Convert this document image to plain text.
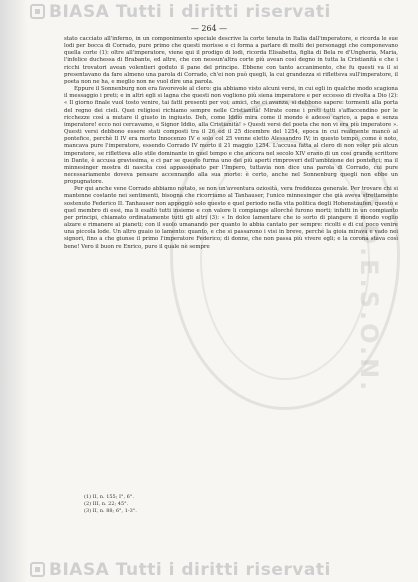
BIASA Tutti i diritti riservati
A.D.E.S.O.N.
— 264 —

stato cacciato all'inferno, in un componimento speciale descrive la corte tenuta in Italia dall'imperatore, e ricorda le sue lodi per bocca di Corrado, pure primo che questi morisse e ci forma a parlare di molti dei personaggi che componevano quella corte (1): oltre all'imperatore, viene qui il prodigo di lodi, ricorda Elisabetta, figlia di Bela re d'Ungheria, Maria, l'infelice duchessa di Brabante, ed altre, che con nessun'altra corte più avean cosí degno in tutta la Cristianità e che i ricchi trovatori avean volentieri goduto il pane del principe. Ebbene con tanto accanimento, che fu questi va il si presentavano da fare almeno una parola di Corrado, ch'ei non può quegli, la cui grandezza si rifletteva sull'imperatore, il poeta non ne ha, e meglio non ne vuol dire una parola.

Eppure il Sonnenburg non era favorevole al clero: gia abbiamo visto alcuni versi, in cui egli in qualche modo scagiona il messaggio i preti; e in altri egli si lagna che questi non vogliono più siena imperatore e per eccesso di rivolta a Dio (2): « Il giorno finale vuol tosto venire, tai fatti presenti per voi; amici, che ci avanza, si debbono sapere: tormenti alla porta del regno dei cieli. Quei religiosi richiamo sempre nelle Cristianità! Mirate come i preti tutti s'affaccendino per le ricchezze così a mutare il giusto in ingiusto. Deh, come Iddio mira come il mondo è adesso carico, a papa e senza imperatore! ecco noi cercavamo, e Signor Iddio, alla Cristianità! » Questi versi del poeta che non vi era più imperatore ». Questi versi debbono essere stati composti tra il 26 ed il 25 dicembre del 1254, epoca in cui realmente mancò al pontefice, perchè Il IV era morto Innocenzo IV e solo col 25 venne eletto Alessandro IV; in questo tempo, come è noto, mancava pure l'imperatore, essendo Corrado IV morto il 21 maggio 1254. L'accusa fatta al clero di non voler più alcun imperatore, se rifletteva allo stile dominante in quel tempo e che ancora nel secolo XIV erano di un cosí grande scrittore in Dante, è accusa gravissima, e ci par se questo furma uno dei più aperti rimproveri dell'ambizione dei pontefici; ma il minnesinger mostra di nascita così appassionato per l'Impero, tuttavia non dice una parola di Corrado, cui pure necessariamente doveva pensare accennando alla sua morte: è certo, anche nel Sonnenburg quegli non ebbe un propugnatore.

Per qui anche vene Corrado abbiamo notato, se non un'avventura oziosità, vera freddezza generale. Per trovare chi si mantenne costante nei sentimenti, bisogna che ricorriamo al Tanhauser, l'unico minnesinger che già aveva strettamente sostenuto Federico II. Tanhauser non appoggiò solo questo e quel periodo nella vita politica degli Hohenstaufen, questo e quel membro di essi, ma li esaltò tutti insieme e con valore li compiange allorché furono morti; infatti in un compianto per principi, chiamato ordinatamente tutti gli altri (3): « In dolce lamentare che io sorto di piangere il mondo voglio alzare e rimanere ai pianeti; con il suolo umanando per quanto lo abbia cantato per sempre: ricolti e di cui poco venire una piccola lode. Un altro guaio io lamento: quanto, e che si passarono i visi in breve, perché la gioia mirava e vado nei signori, fino a che giunse il primo l'imperatore Federico; di donne, che non passa più vivere egli; e la corona stava così bene! Vero il buon re Enrico, pure il quale nè sempre

(1) II, n. 155; I°, 6°.
(2) III, n. 22; 45°.
(3) II, n. 88; 6°, 1-3°.
BIASA Tutti i diritti riservati
